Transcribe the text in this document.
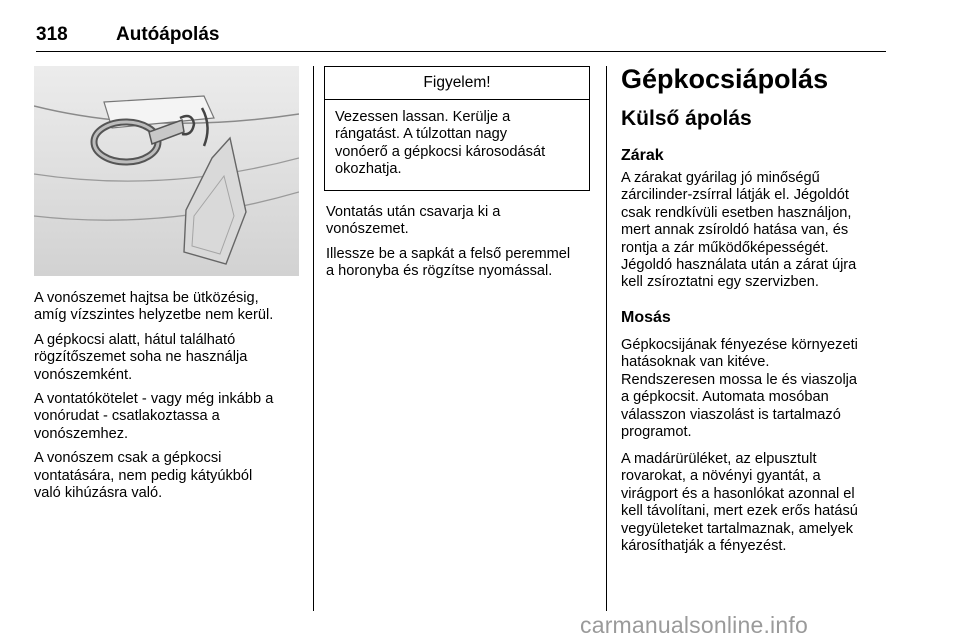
318	Autóápolás

A vonószemet hajtsa be ütközésig,
amíg vízszintes helyzetbe nem kerül.

A gépkocsi alatt, hátul található
rögzítőszemet soha ne használja
vonószemként.

A vontatókötelet - vagy még inkább a
vonórudat - csatlakoztassa a
vonószemhez.

A vonószem csak a gépkocsi
vontatására, nem pedig kátyúkból
való kihúzásra való.

Figyelem!
Vezessen lassan. Kerülje a
rángatást. A túlzottan nagy
vonóerő a gépkocsi károsodását
okozhatja.

Vontatás után csavarja ki a
vonószemet.

Illessze be a sapkát a felső peremmel
a horonyba és rögzítse nyomással.

Gépkocsiápolás
Külső ápolás
Zárak

A zárakat gyárilag jó minőségű
zárcilinder-zsírral látják el. Jégoldót
csak rendkívüli esetben használjon,
mert annak zsíroldó hatása van, és
rontja a zár működőképességét.
Jégoldó használata után a zárat újra
kell zsíroztatni egy szervizben.

Mosás

Gépkocsijának fényezése környezeti
hatásoknak van kitéve.
Rendszeresen mossa le és viaszolja
a gépkocsit. Automata mosóban
válasszon viaszolást is tartalmazó
programot.

A madárürüléket, az elpusztult
rovarokat, a növényi gyantát, a
virágport és a hasonlókat azonnal el
kell távolítani, mert ezek erős hatású
vegyületeket tartalmaznak, amelyek
károsíthatják a fényezést.

carmanualsonline.info
